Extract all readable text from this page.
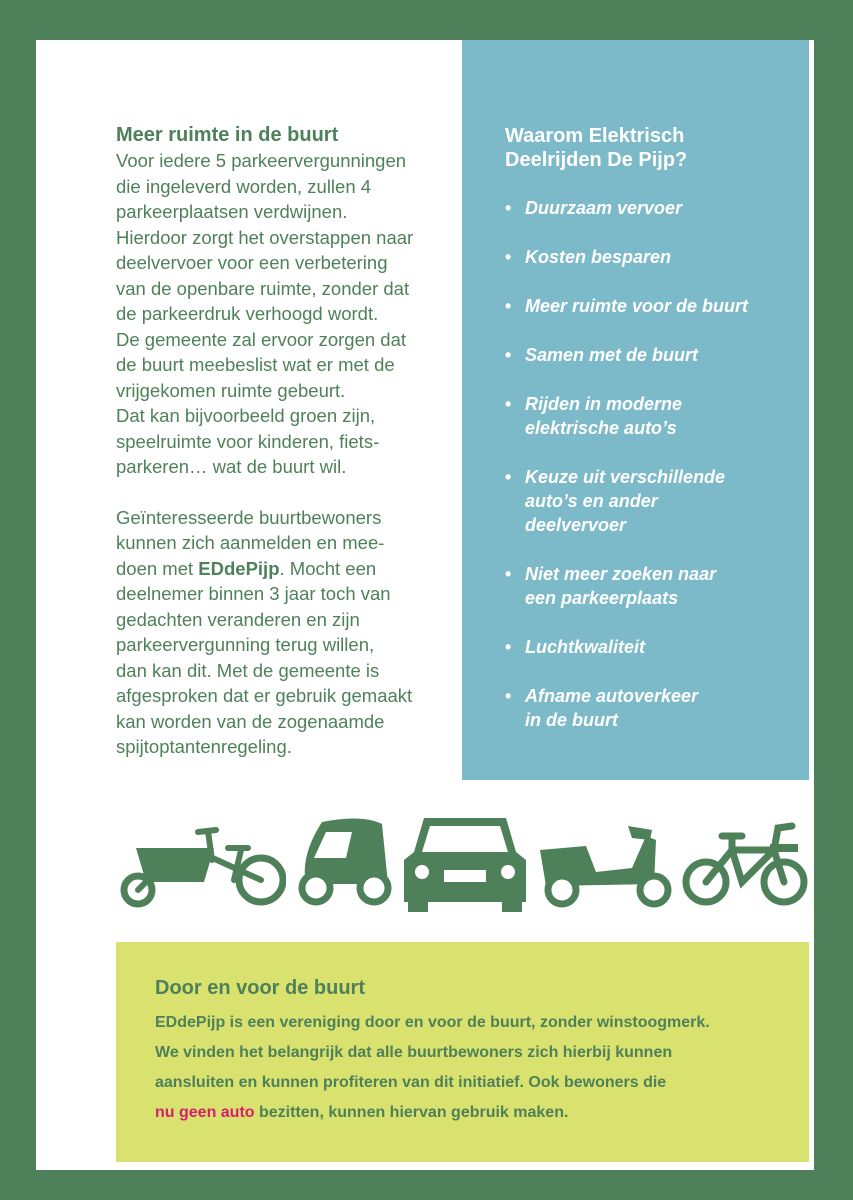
Meer ruimte in de buurt

Voor iedere 5 parkeervergunningen
die ingeleverd worden, zullen 4
parkeerplaatsen verdwijnen.
Hierdoor zorgt het overstappen naar
deelvervoer voor een verbetering
van de openbare ruimte, zonder dat
de parkeerdruk verhoogd wordt.
De gemeente zal ervoor zorgen dat
de buurt meebeslist wat er met de
vrijgekomen ruimte gebeurt.
Dat kan bijvoorbeeld groen zijn,
speelruimte voor kinderen, fiets-
parkeren… wat de buurt wil.

Geïnteresseerde buurtbewoners
kunnen zich aanmelden en mee-
doen met EDdePijp. Mocht een
deelnemer binnen 3 jaar toch van
gedachten veranderen en zijn
parkeervergunning terug willen,
dan kan dit. Met de gemeente is
afgesproken dat er gebruik gemaakt
kan worden van de zogenaamde
spijtoptantenregeling.

Waarom Elektrisch
Deelrijden De Pijp?
• Duurzaam vervoer
• Kosten besparen
• Meer ruimte voor de buurt
• Samen met de buurt
• Rijden in moderne
elektrische auto’s
• Keuze uit verschillende
auto’s en ander
deelvervoer
• Niet meer zoeken naar
een parkeerplaats
• Luchtkwaliteit
• Afname autoverkeer
in de buurt
Door en voor de buurt
EDdePijp is een vereniging door en voor de buurt, zonder winstoogmerk.
We vinden het belangrijk dat alle buurtbewoners zich hierbij kunnen
aansluiten en kunnen profiteren van dit initiatief. Ook bewoners die
nu geen auto bezitten, kunnen hiervan gebruik maken.
